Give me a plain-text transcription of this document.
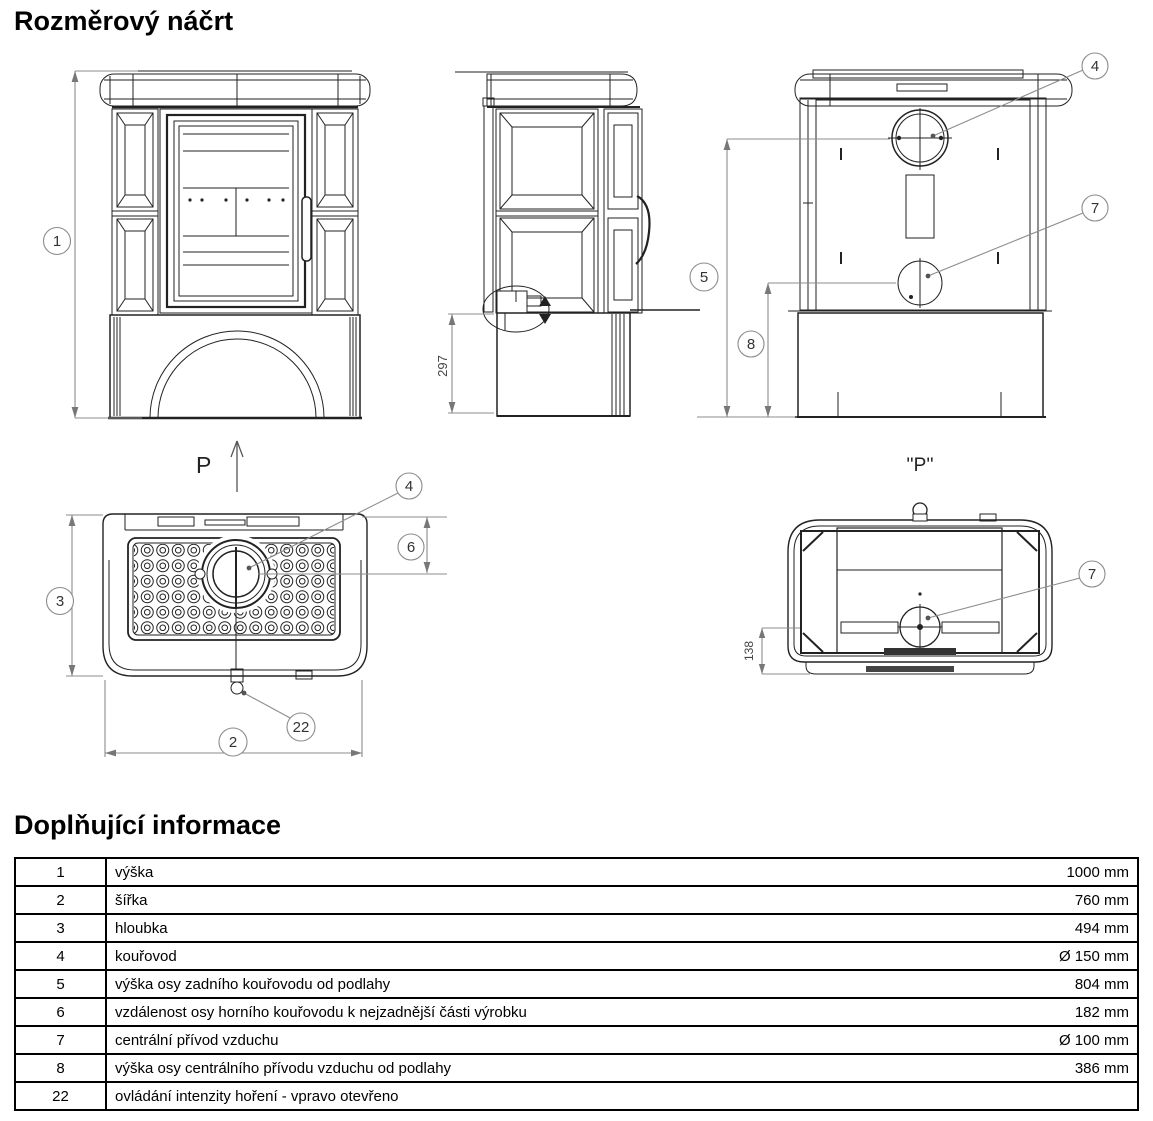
Rozměrový náčrt
1
297
5
8
4
7
P
3
2
6
4
22
''P''
7
138
Doplňující informace
1	výška	1000 mm
2	šířka	760 mm
3	hloubka	494 mm
4	kouřovod	Ø 150 mm
5	výška osy zadního kouřovodu od podlahy	804 mm
6	vzdálenost osy horního kouřovodu k nejzadnější části výrobku	182 mm
7	centrální přívod vzduchu	Ø 100 mm
8	výška osy centrálního přívodu vzduchu od podlahy	386 mm
22	ovládání intenzity hoření - vpravo otevřeno	
